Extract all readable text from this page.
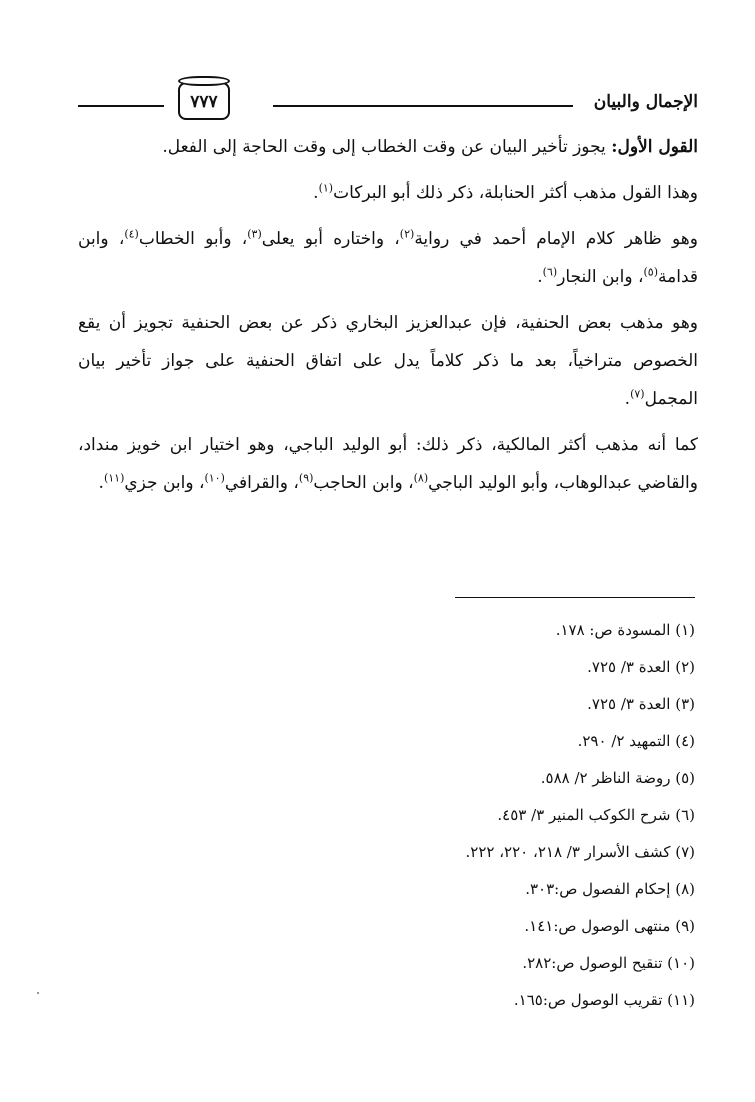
الإجمال والبيان
٧٧٧

القول الأول: يجوز تأخير البيان عن وقت الخطاب إلى وقت الحاجة إلى الفعل.

وهذا القول مذهب أكثر الحنابلة، ذكر ذلك أبو البركات$^{(١)}$.

وهو ظاهر كلام الإمام أحمد في رواية$^{(٢)}$، واختاره أبو يعلى$^{(٣)}$، وأبو الخطاب$^{(٤)}$، وابن قدامة$^{(٥)}$، وابن النجار$^{(٦)}$.

وهو مذهب بعض الحنفية، فإن عبدالعزيز البخاري ذكر عن بعض الحنفية تجويز أن يقع الخصوص متراخياً، بعد ما ذكر كلاماً يدل على اتفاق الحنفية على جواز تأخير بيان المجمل$^{(٧)}$.

كما أنه مذهب أكثر المالكية، ذكر ذلك: أبو الوليد الباجي، وهو اختيار ابن خويز منداد، والقاضي عبدالوهاب، وأبو الوليد الباجي$^{(٨)}$، وابن الحاجب$^{(٩)}$، والقرافي$^{(١٠)}$، وابن جزي$^{(١١)}$.

(١) المسودة ص: ١٧٨.
(٢) العدة ٣/ ٧٢٥.
(٣) العدة ٣/ ٧٢٥.
(٤) التمهيد ٢/ ٢٩٠.
(٥) روضة الناظر ٢/ ٥٨٨.
(٦) شرح الكوكب المنير ٣/ ٤٥٣.
(٧) كشف الأسرار ٣/ ٢١٨، ٢٢٠، ٢٢٢.
(٨) إحكام الفصول ص:٣٠٣.
(٩) منتهى الوصول ص:١٤١.
(١٠) تنقيح الوصول ص:٢٨٢.
(١١) تقريب الوصول ص:١٦٥.
